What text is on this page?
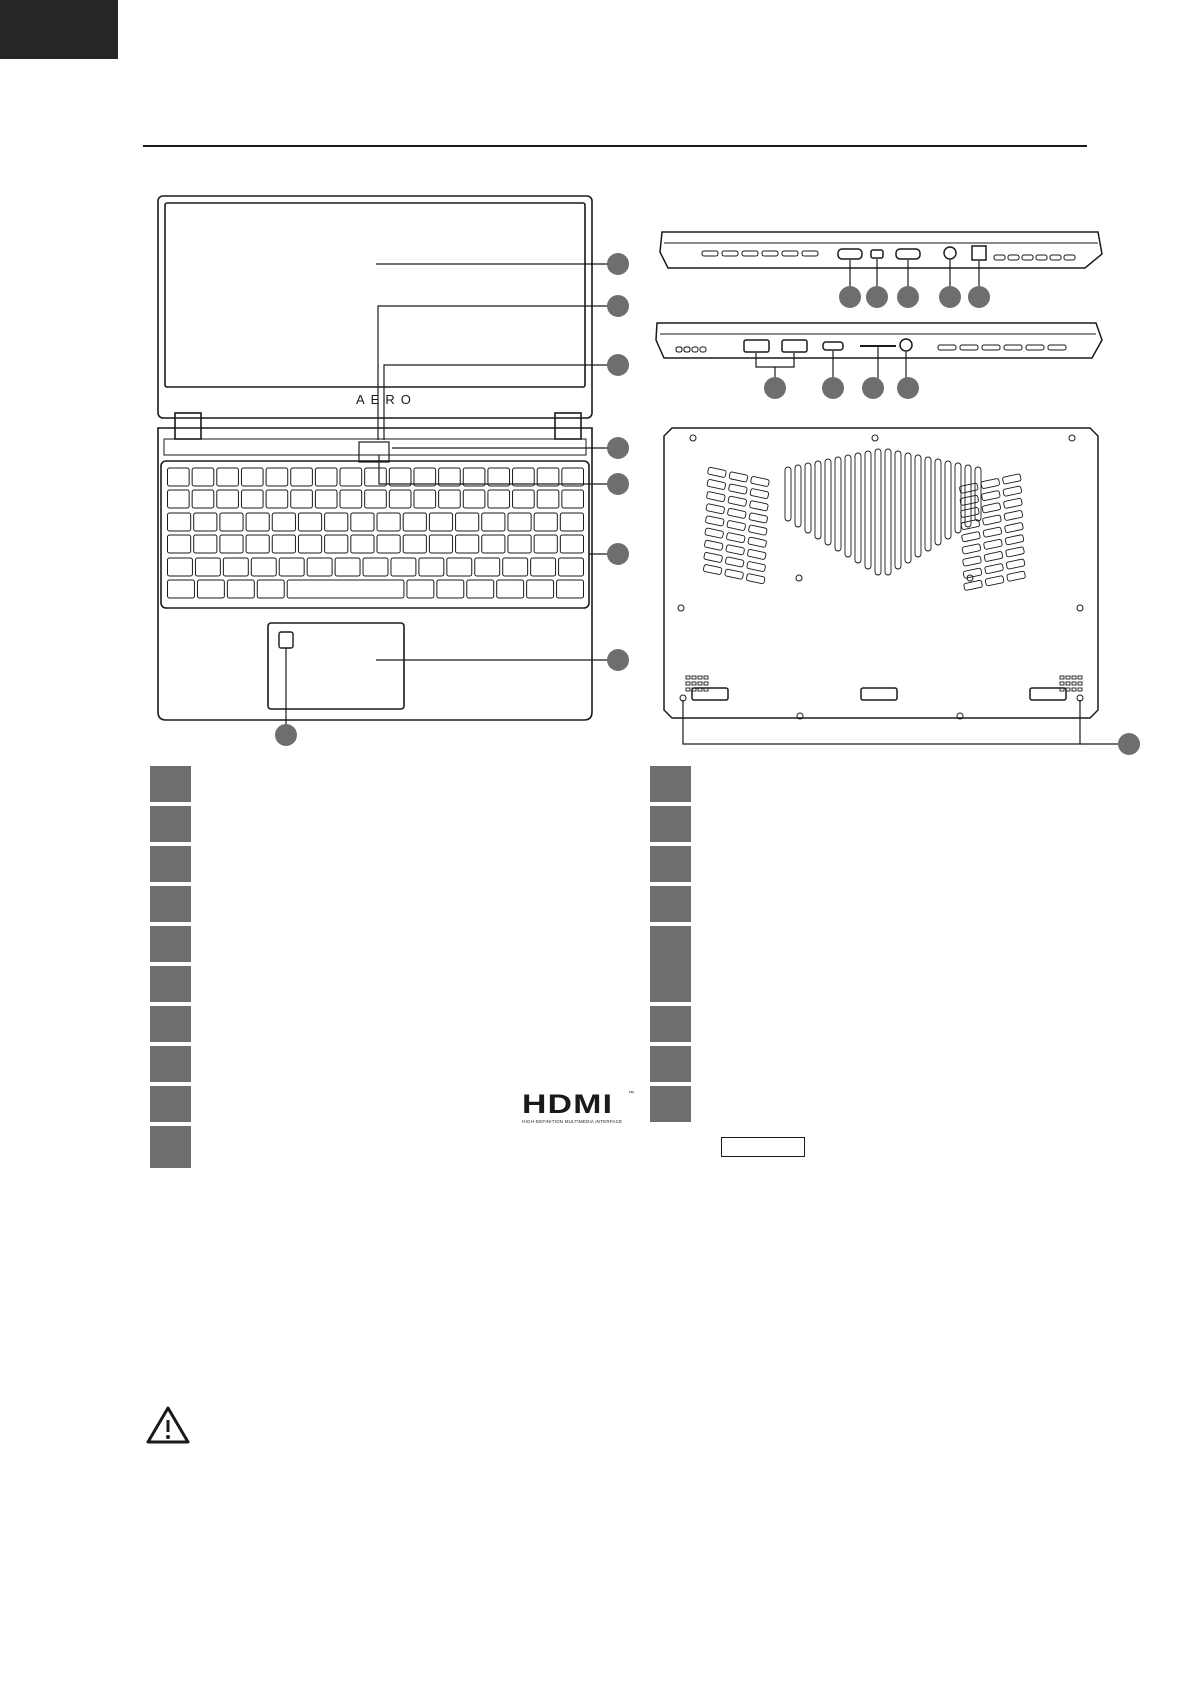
AERO
HDMI	™
HIGH-DEFINITION MULTIMEDIA INTERFACE
